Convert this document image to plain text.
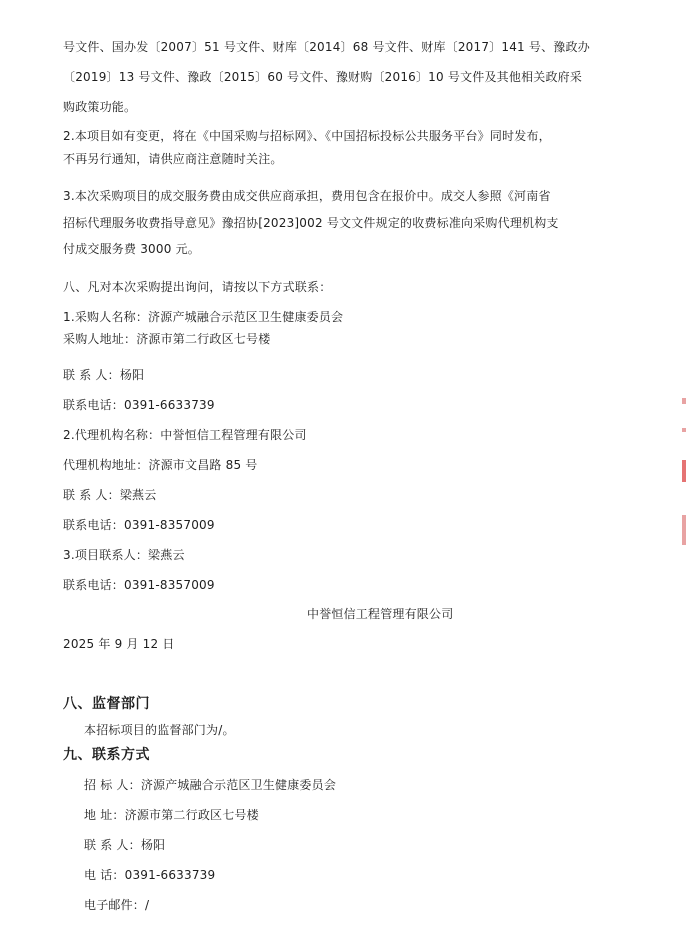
号文件、国办发〔2007〕51 号文件、财库〔2014〕68 号文件、财库〔2017〕141 号、豫政办
〔2019〕13 号文件、豫政〔2015〕60 号文件、豫财购〔2016〕10 号文件及其他相关政府采
购政策功能。
2.本项目如有变更，将在《中国采购与招标网》、《中国招标投标公共服务平台》同时发布，
不再另行通知，请供应商注意随时关注。
3.本次采购项目的成交服务费由成交供应商承担，费用包含在报价中。成交人参照《河南省
招标代理服务收费指导意见》豫招协[2023]002 号文文件规定的收费标准向采购代理机构支
付成交服务费 3000 元。
八、凡对本次采购提出询问，请按以下方式联系：
1.采购人名称：济源产城融合示范区卫生健康委员会
采购人地址：济源市第二行政区七号楼
联 系 人：杨阳
联系电话：0391-6633739
2.代理机构名称：中誉恒信工程管理有限公司
代理机构地址：济源市文昌路 85 号
联 系 人：梁燕云
联系电话：0391-8357009
3.项目联系人：梁燕云
联系电话：0391-8357009
中誉恒信工程管理有限公司
2025 年 9 月 12 日
八、监督部门
本招标项目的监督部门为/。
九、联系方式
招 标 人：济源产城融合示范区卫生健康委员会
地 址：济源市第二行政区七号楼
联 系 人：杨阳
电 话：0391-6633739
电子邮件：/
